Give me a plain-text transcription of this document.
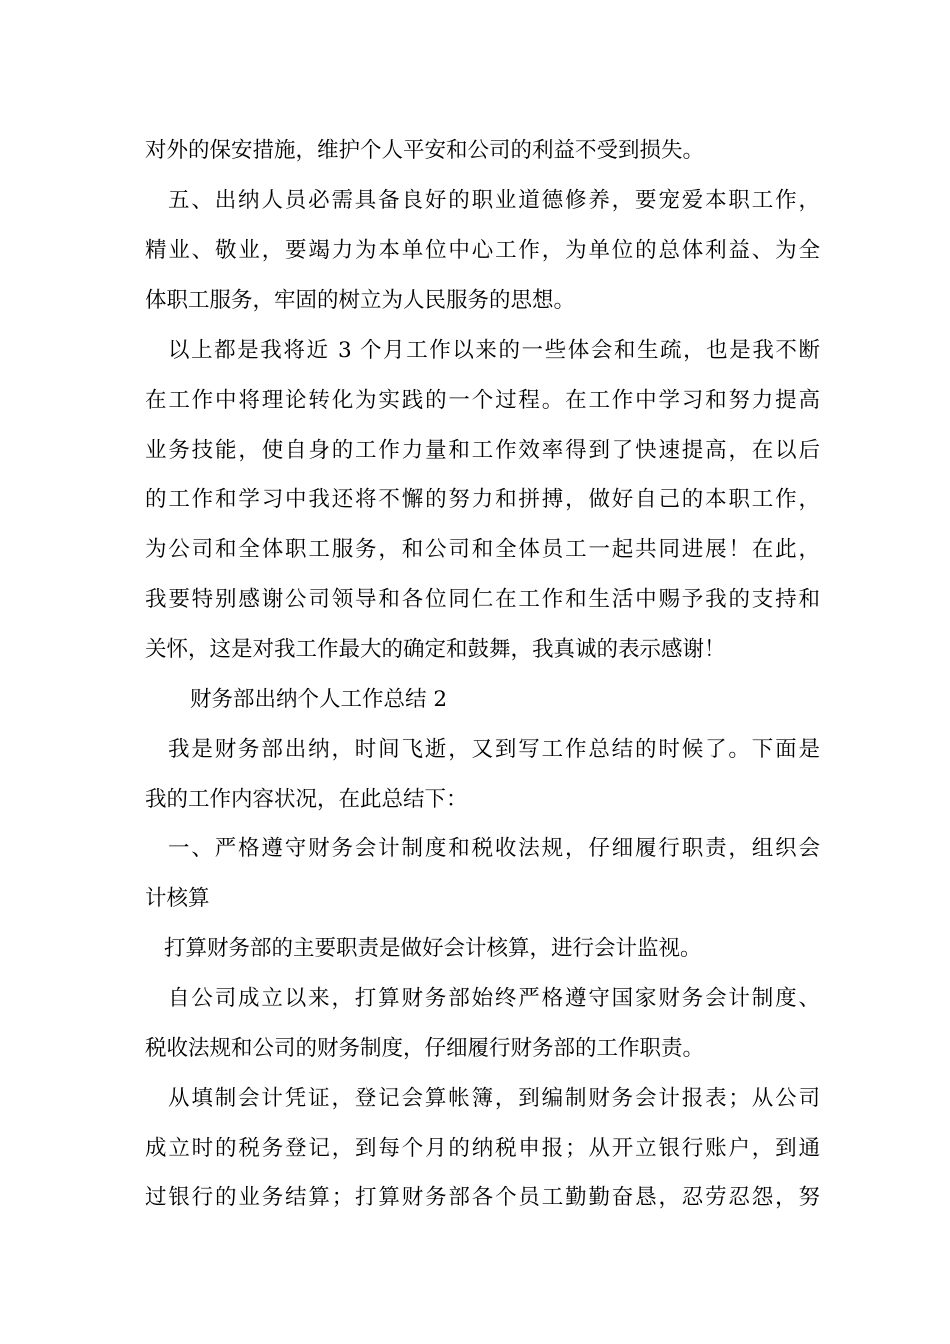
对外的保安措施，维护个人平安和公司的利益不受到损失。
五、出纳人员必需具备良好的职业道德修养，要宠爱本职工作，
精业、敬业，要竭力为本单位中心工作，为单位的总体利益、为全
体职工服务，牢固的树立为人民服务的思想。
以上都是我将近 3 个月工作以来的一些体会和生疏，也是我不断
在工作中将理论转化为实践的一个过程。在工作中学习和努力提高
业务技能，使自身的工作力量和工作效率得到了快速提高，在以后
的工作和学习中我还将不懈的努力和拼搏，做好自己的本职工作，
为公司和全体职工服务，和公司和全体员工一起共同进展！在此，
我要特别感谢公司领导和各位同仁在工作和生活中赐予我的支持和
关怀，这是对我工作最大的确定和鼓舞，我真诚的表示感谢！
财务部出纳个人工作总结 2
我是财务部出纳，时间飞逝，又到写工作总结的时候了。下面是
我的工作内容状况，在此总结下：
一、严格遵守财务会计制度和税收法规，仔细履行职责，组织会
计核算
打算财务部的主要职责是做好会计核算，进行会计监视。
自公司成立以来，打算财务部始终严格遵守国家财务会计制度、
税收法规和公司的财务制度，仔细履行财务部的工作职责。
从填制会计凭证，登记会算帐簿，到编制财务会计报表；从公司
成立时的税务登记，到每个月的纳税申报；从开立银行账户，到通
过银行的业务结算；打算财务部各个员工勤勤奋恳，忍劳忍怨，努
